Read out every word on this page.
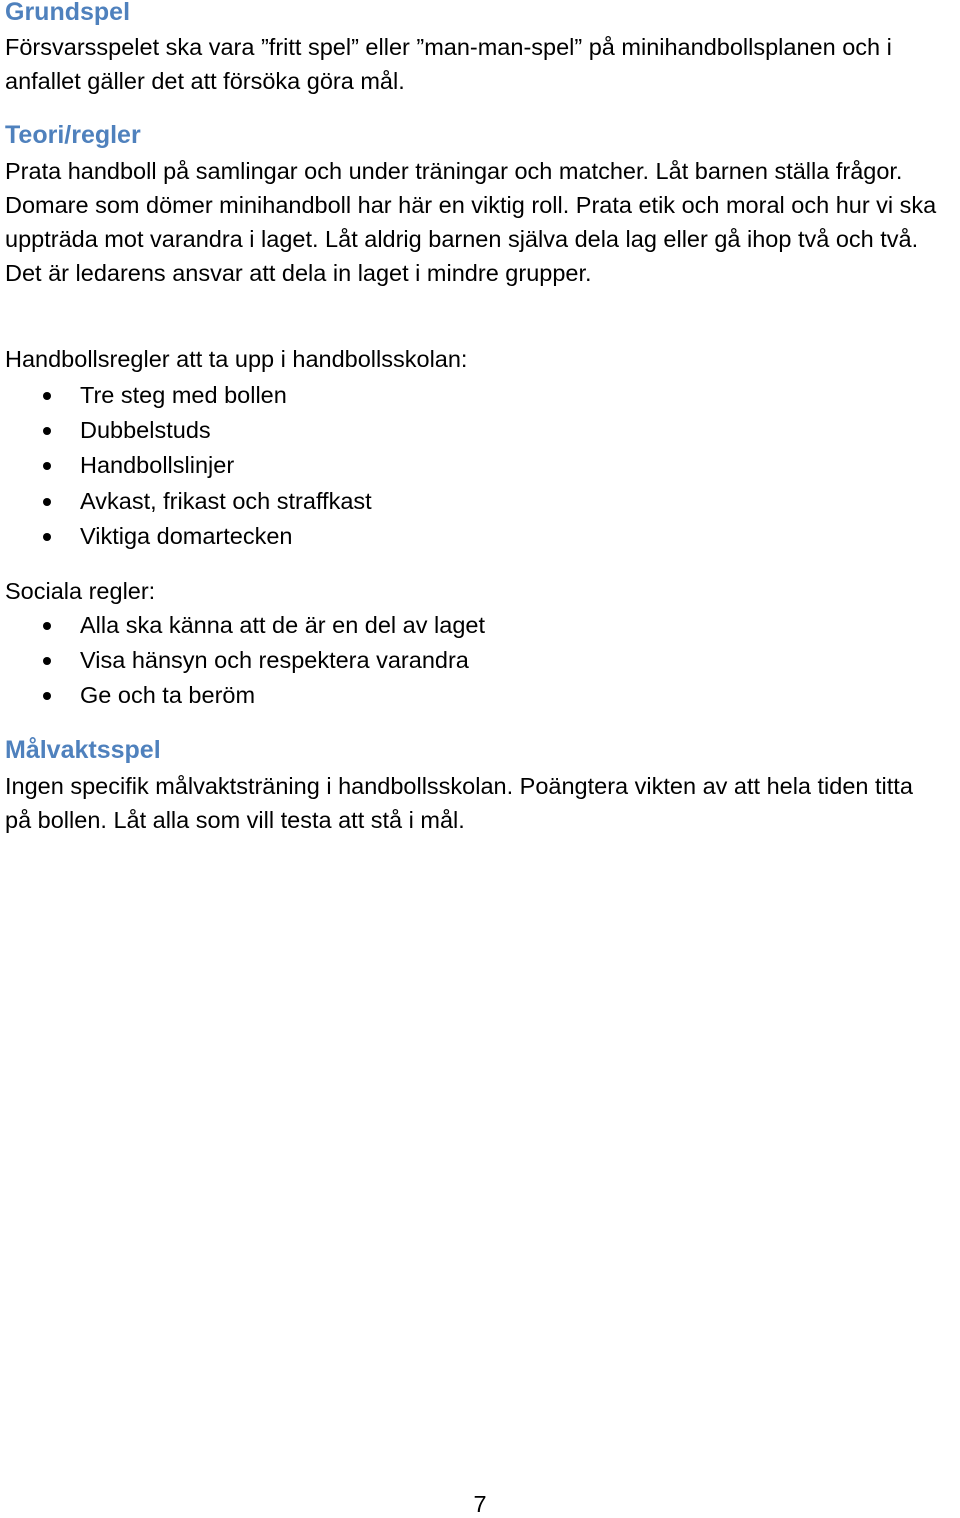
Grundspel

Försvarsspelet ska vara ”fritt spel” eller ”man-man-spel” på minihandbollsplanen och i anfallet gäller det att försöka göra mål.

Teori/regler

Prata handboll på samlingar och under träningar och matcher. Låt barnen ställa frågor. Domare som dömer minihandboll har här en viktig roll. Prata etik och moral och hur vi ska uppträda mot varandra i laget. Låt aldrig barnen själva dela lag eller gå ihop två och två. Det är ledarens ansvar att dela in laget i mindre grupper.

Handbollsregler att ta upp i handbollsskolan:

Tre steg med bollen
Dubbelstuds
Handbollslinjer
Avkast, frikast och straffkast
Viktiga domartecken

Sociala regler:

Alla ska känna att de är en del av laget
Visa hänsyn och respektera varandra
Ge och ta beröm
Målvaktsspel

Ingen specifik målvaktsträning i handbollsskolan. Poängtera vikten av att hela tiden titta på bollen. Låt alla som vill testa att stå i mål.

7
